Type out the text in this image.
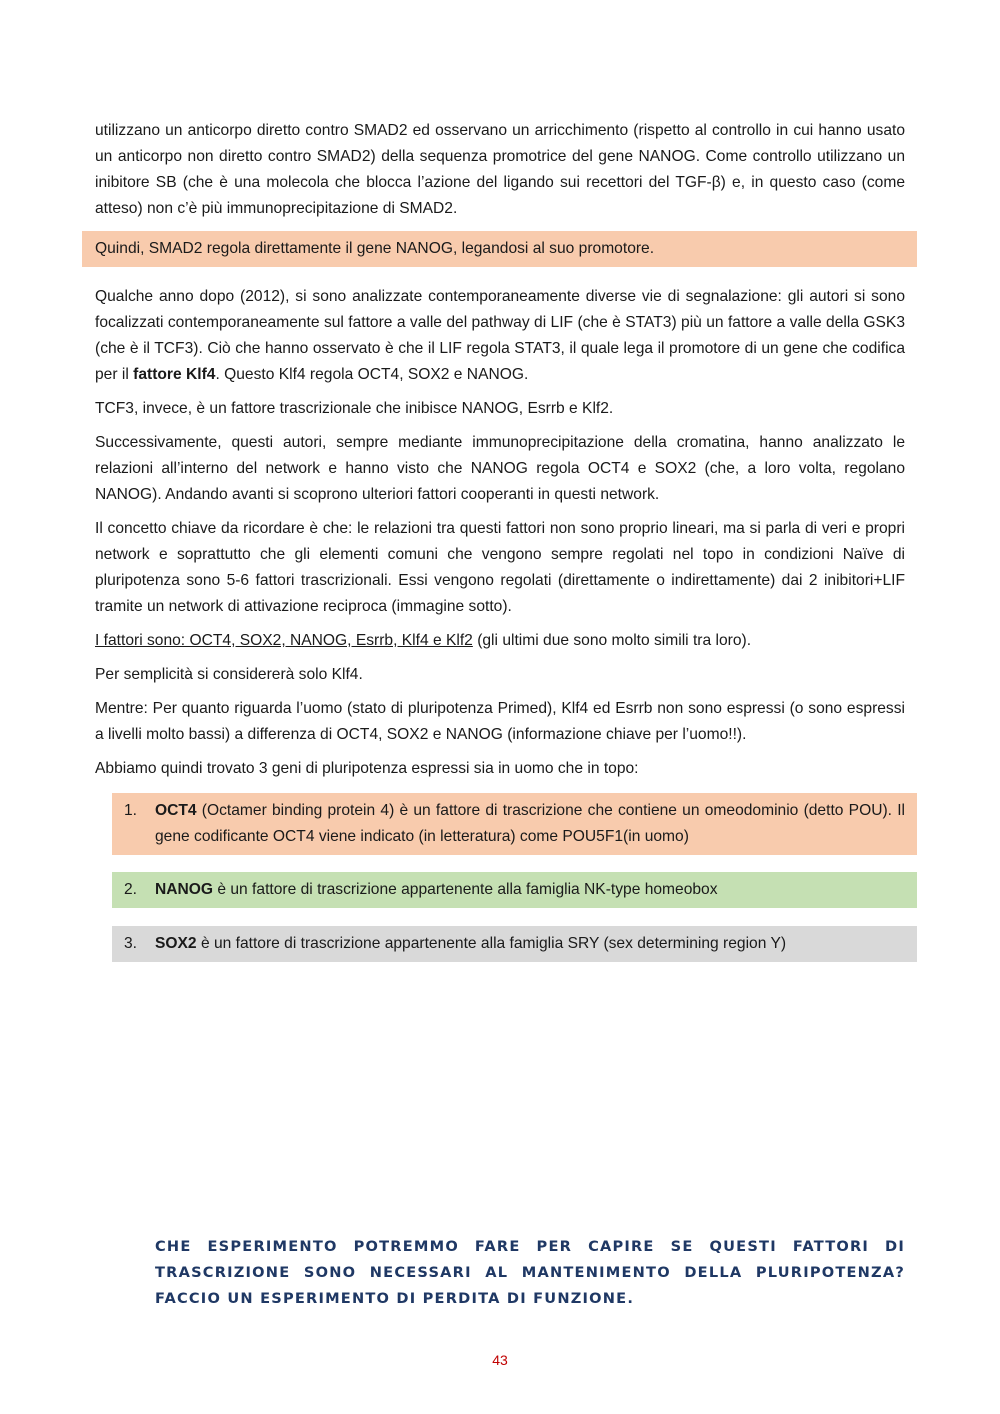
utilizzano un anticorpo diretto contro SMAD2 ed osservano un arricchimento (rispetto al controllo in cui hanno usato un anticorpo non diretto contro SMAD2) della sequenza promotrice del gene NANOG. Come controllo utilizzano un inibitore SB (che è una molecola che blocca l’azione del ligando sui recettori del TGF-β) e, in questo caso (come atteso) non c’è più immunoprecipitazione di SMAD2.

Quindi, SMAD2 regola direttamente il gene NANOG, legandosi al suo promotore.

Qualche anno dopo (2012), si sono analizzate contemporaneamente diverse vie di segnalazione: gli autori si sono focalizzati contemporaneamente sul fattore a valle del pathway di LIF (che è STAT3) più un fattore a valle della GSK3 (che è il TCF3). Ciò che hanno osservato è che il LIF regola STAT3, il quale lega il promotore di un gene che codifica per il fattore Klf4. Questo Klf4 regola OCT4, SOX2 e NANOG.

TCF3, invece, è un fattore trascrizionale che inibisce NANOG, Esrrb e Klf2.

Successivamente, questi autori, sempre mediante immunoprecipitazione della cromatina, hanno analizzato le relazioni all’interno del network e hanno visto che NANOG regola OCT4 e SOX2 (che, a loro volta, regolano NANOG). Andando avanti si scoprono ulteriori fattori cooperanti in questi network.

Il concetto chiave da ricordare è che: le relazioni tra questi fattori non sono proprio lineari, ma si parla di veri e propri network e soprattutto che gli elementi comuni che vengono sempre regolati nel topo in condizioni Naïve di pluripotenza sono 5-6 fattori trascrizionali. Essi vengono regolati (direttamente o indirettamente) dai 2 inibitori+LIF tramite un network di attivazione reciproca (immagine sotto).

I fattori sono: OCT4, SOX2, NANOG, Esrrb, Klf4 e Klf2 (gli ultimi due sono molto simili tra loro).

Per semplicità si considererà solo Klf4.

Mentre: Per quanto riguarda l’uomo (stato di pluripotenza Primed), Klf4 ed Esrrb non sono espressi (o sono espressi a livelli molto bassi) a differenza di OCT4, SOX2 e NANOG (informazione chiave per l’uomo!!).

Abbiamo quindi trovato 3 geni di pluripotenza espressi sia in uomo che in topo:

1.	OCT4 (Octamer binding protein 4) è un fattore di trascrizione che contiene un omeodominio (detto POU). Il gene codificante OCT4 viene indicato (in letteratura) come POU5F1(in uomo)
2.	NANOG è un fattore di trascrizione appartenente alla famiglia NK-type homeobox
3.	SOX2 è un fattore di trascrizione appartenente alla famiglia SRY (sex determining region Y)

CHE ESPERIMENTO POTREMMO FARE PER CAPIRE SE QUESTI FATTORI DI TRASCRIZIONE SONO NECESSARI AL MANTENIMENTO DELLA PLURIPOTENZA? FACCIO UN ESPERIMENTO DI PERDITA DI FUNZIONE.

43
